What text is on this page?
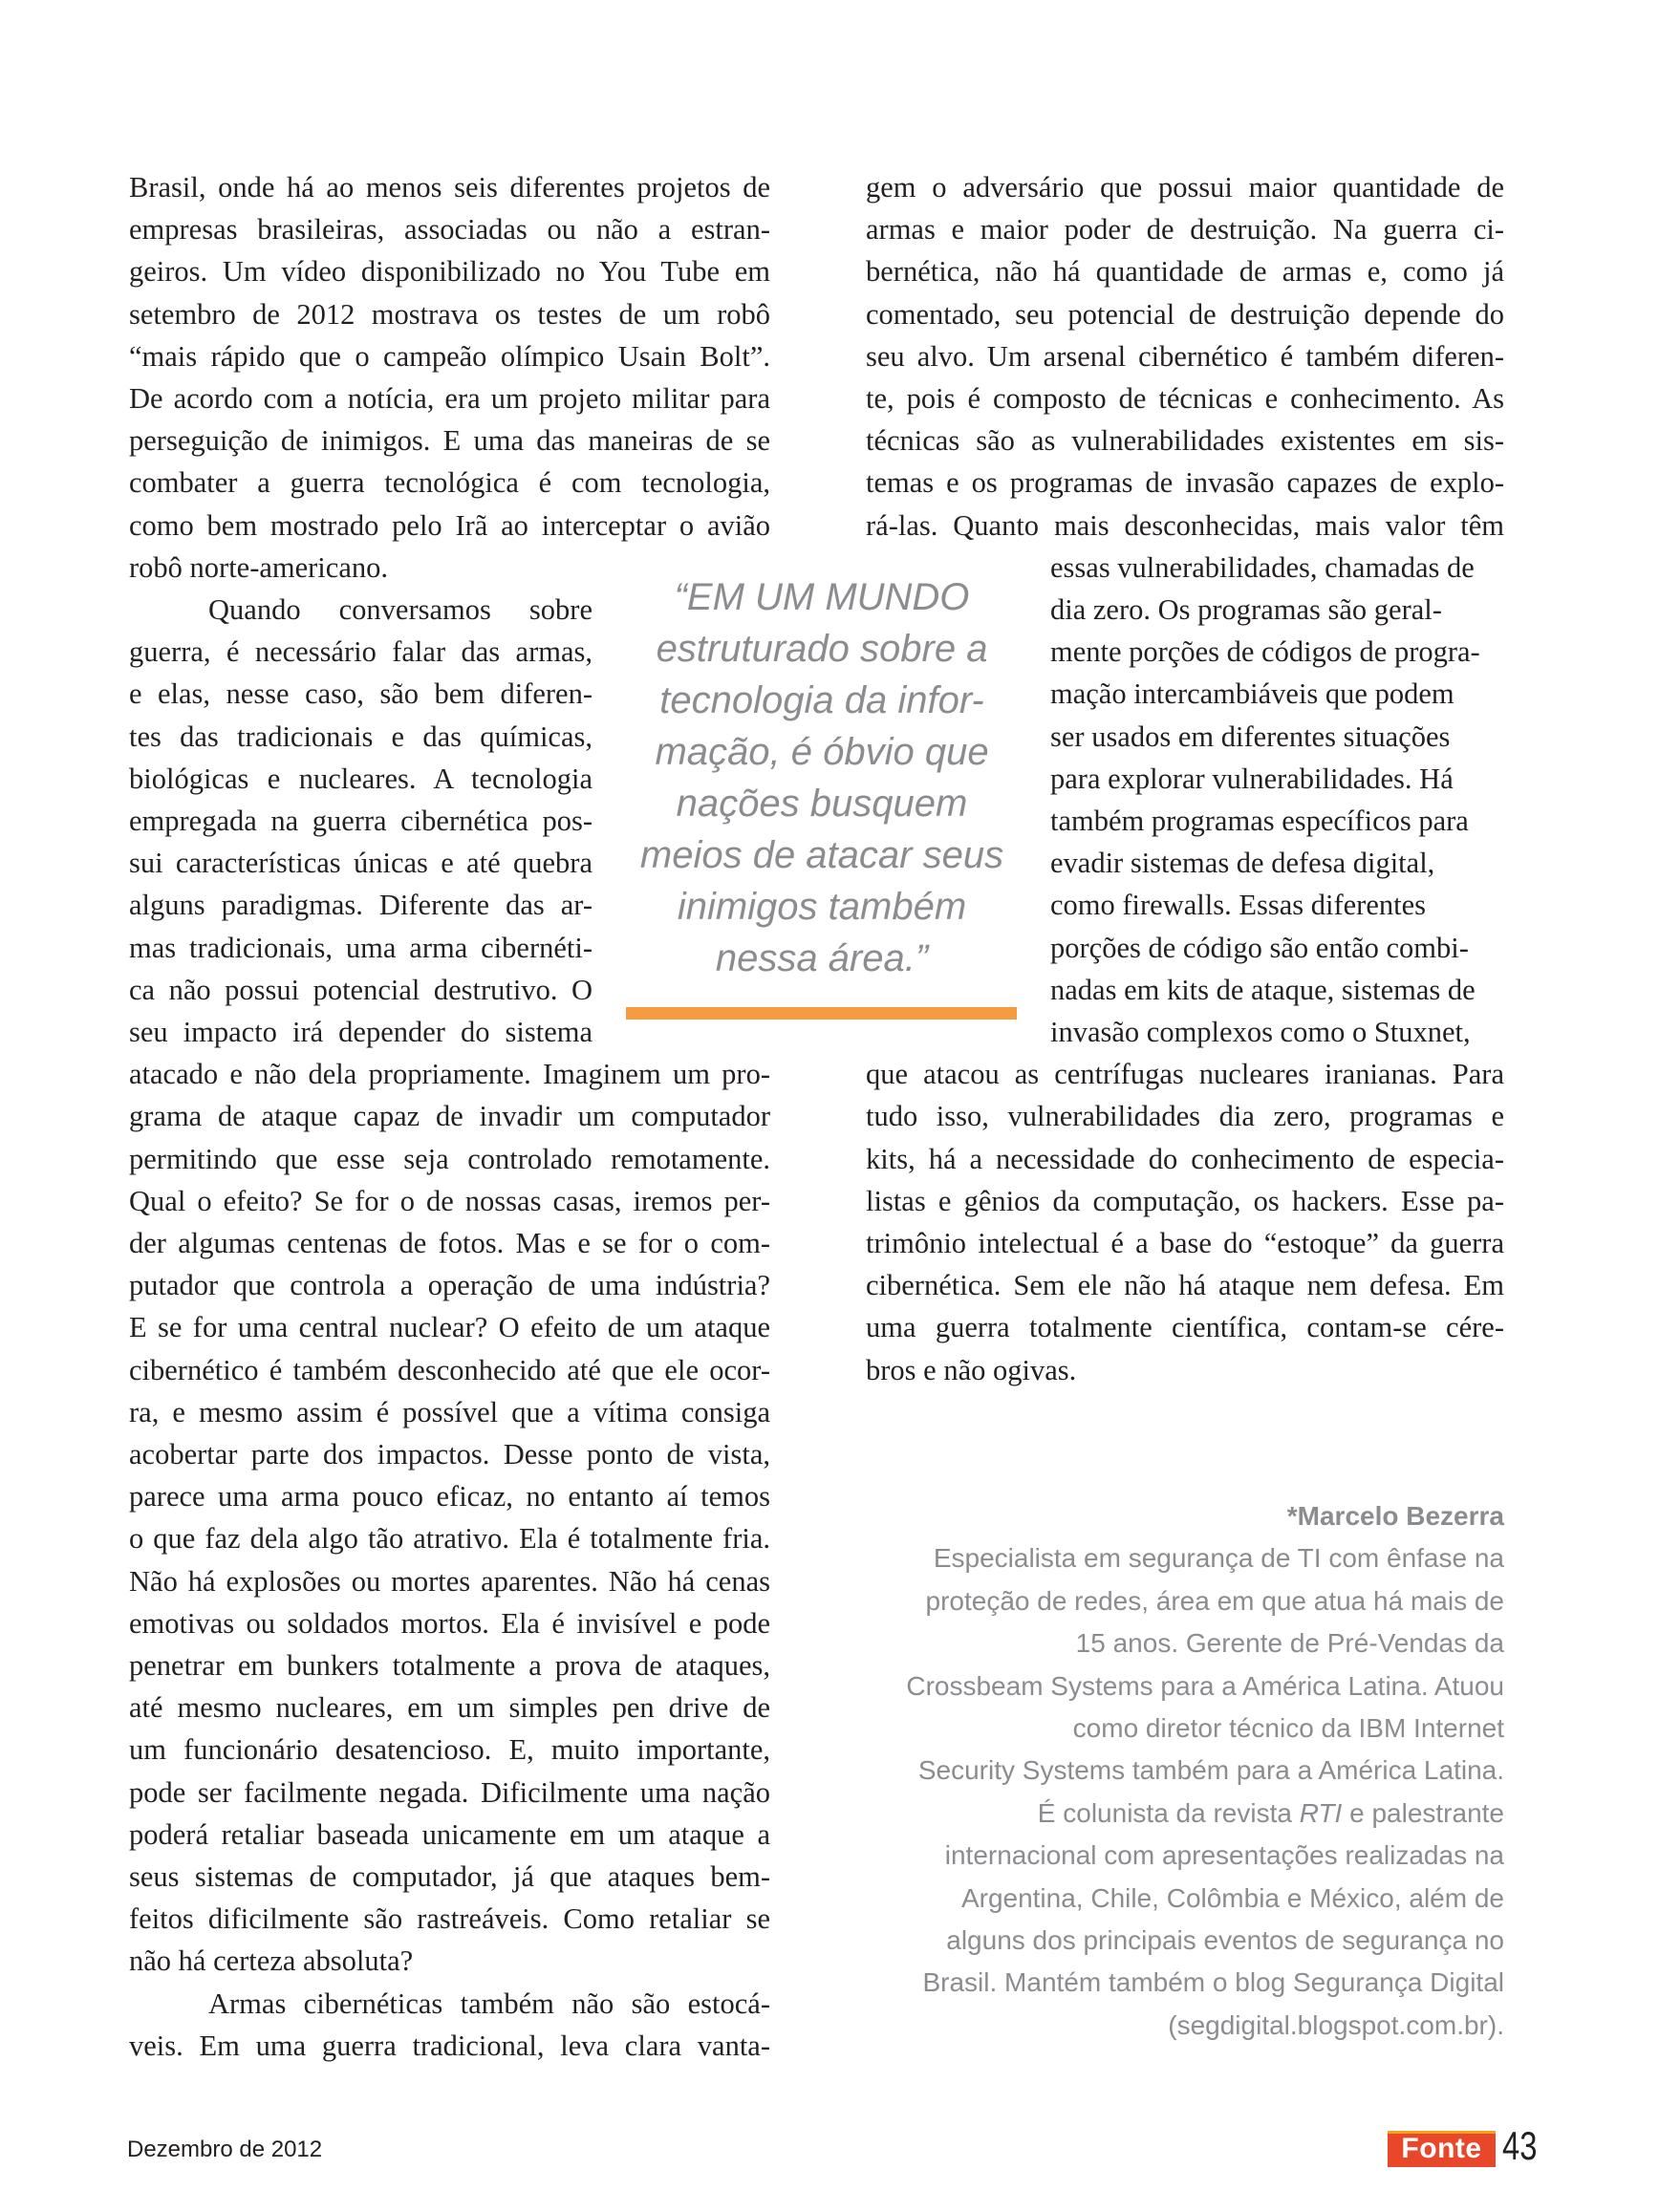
Brasil, onde há ao menos seis diferentes projetos de
empresas brasileiras, associadas ou não a estran-
geiros. Um vídeo disponibilizado no You Tube em
setembro de 2012 mostrava os testes de um robô
“mais rápido que o campeão olímpico Usain Bolt”.
De acordo com a notícia, era um projeto militar para
perseguição de inimigos. E uma das maneiras de se
combater a guerra tecnológica é com tecnologia,
como bem mostrado pelo Irã ao interceptar o avião
robô norte-americano.
Quando conversamos sobre
guerra, é necessário falar das armas,
e elas, nesse caso, são bem diferen-
tes das tradicionais e das químicas,
biológicas e nucleares. A tecnologia
empregada na guerra cibernética pos-
sui características únicas e até quebra
alguns paradigmas. Diferente das ar-
mas tradicionais, uma arma cibernéti-
ca não possui potencial destrutivo. O
seu impacto irá depender do sistema
atacado e não dela propriamente. Imaginem um pro-
grama de ataque capaz de invadir um computador
permitindo que esse seja controlado remotamente.
Qual o efeito? Se for o de nossas casas, iremos per-
der algumas centenas de fotos. Mas e se for o com-
putador que controla a operação de uma indústria?
E se for uma central nuclear? O efeito de um ataque
cibernético é também desconhecido até que ele ocor-
ra, e mesmo assim é possível que a vítima consiga
acobertar parte dos impactos. Desse ponto de vista,
parece uma arma pouco eficaz, no entanto aí temos
o que faz dela algo tão atrativo. Ela é totalmente fria.
Não há explosões ou mortes aparentes. Não há cenas
emotivas ou soldados mortos. Ela é invisível e pode
penetrar em bunkers totalmente a prova de ataques,
até mesmo nucleares, em um simples pen drive de
um funcionário desatencioso. E, muito importante,
pode ser facilmente negada. Dificilmente uma nação
poderá retaliar baseada unicamente em um ataque a
seus sistemas de computador, já que ataques bem-
feitos dificilmente são rastreáveis. Como retaliar se
não há certeza absoluta?
Armas cibernéticas também não são estocá-
veis. Em uma guerra tradicional, leva clara vanta-
gem o adversário que possui maior quantidade de
armas e maior poder de destruição. Na guerra ci-
bernética, não há quantidade de armas e, como já
comentado, seu potencial de destruição depende do
seu alvo. Um arsenal cibernético é também diferen-
te, pois é composto de técnicas e conhecimento. As
técnicas são as vulnerabilidades existentes em sis-
temas e os programas de invasão capazes de explo-
rá-las. Quanto mais desconhecidas, mais valor têm
essas vulnerabilidades, chamadas de
dia zero. Os programas são geral-
mente porções de códigos de progra-
mação intercambiáveis que podem
ser usados em diferentes situações
para explorar vulnerabilidades. Há
também programas específicos para
evadir sistemas de defesa digital,
como firewalls. Essas diferentes
porções de código são então combi-
nadas em kits de ataque, sistemas de
invasão complexos como o Stuxnet,
que atacou as centrífugas nucleares iranianas. Para
tudo isso, vulnerabilidades dia zero, programas e
kits, há a necessidade do conhecimento de especia-
listas e gênios da computação, os hackers. Esse pa-
trimônio intelectual é a base do “estoque” da guerra
cibernética. Sem ele não há ataque nem defesa. Em
uma guerra totalmente científica, contam-se cére-
bros e não ogivas.
“EM UM MUNDO
estruturado sobre a
tecnologia da infor-
mação, é óbvio que
nações busquem
meios de atacar seus
inimigos também
nessa área.”
*Marcelo Bezerra
Especialista em segurança de TI com ênfase na
proteção de redes, área em que atua há mais de
15 anos. Gerente de Pré-Vendas da
Crossbeam Systems para a América Latina. Atuou
como diretor técnico da IBM Internet
Security Systems também para a América Latina.
É colunista da revista RTI e palestrante
internacional com apresentações realizadas na
Argentina, Chile, Colômbia e México, além de
alguns dos principais eventos de segurança no
Brasil. Mantém também o blog Segurança Digital
(segdigital.blogspot.com.br).
Dezembro de 2012	Fonte 43
